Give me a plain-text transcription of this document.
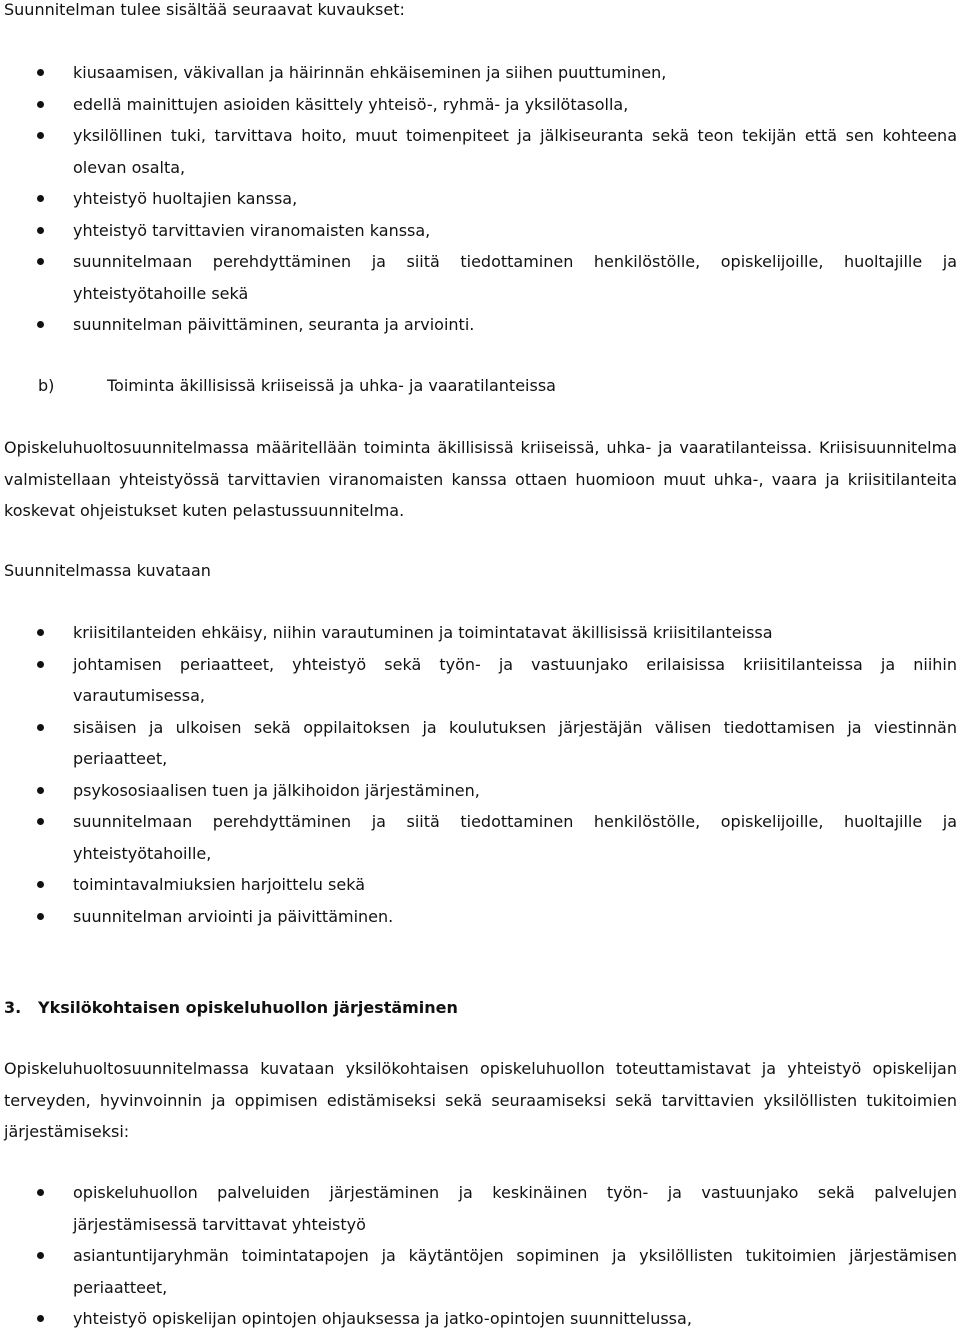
Suunnitelman tulee sisältää seuraavat kuvaukset:

kiusaamisen, väkivallan ja häirinnän ehkäiseminen ja siihen puuttuminen,
edellä mainittujen asioiden käsittely yhteisö-, ryhmä- ja yksilötasolla,
yksilöllinen tuki, tarvittava hoito, muut toimenpiteet ja jälkiseuranta sekä teon tekijän että sen kohteena olevan osalta,
yhteistyö huoltajien kanssa,
yhteistyö tarvittavien viranomaisten kanssa,
suunnitelmaan perehdyttäminen ja siitä tiedottaminen henkilöstölle, opiskelijoille, huoltajille ja yhteistyötahoille sekä
suunnitelman päivittäminen, seuranta ja arviointi.

b)	Toiminta äkillisissä kriiseissä ja uhka- ja vaaratilanteissa

Opiskeluhuoltosuunnitelmassa määritellään toiminta äkillisissä kriiseissä, uhka- ja vaaratilanteissa. Kriisisuunnitelma valmistellaan yhteistyössä tarvittavien viranomaisten kanssa ottaen huomioon muut uhka-, vaara ja kriisitilanteita koskevat ohjeistukset kuten pelastussuunnitelma.

Suunnitelmassa kuvataan

kriisitilanteiden ehkäisy, niihin varautuminen ja toimintatavat äkillisissä kriisitilanteissa
johtamisen periaatteet, yhteistyö sekä työn- ja vastuunjako erilaisissa kriisitilanteissa ja niihin varautumisessa,
sisäisen ja ulkoisen sekä oppilaitoksen ja koulutuksen järjestäjän välisen tiedottamisen ja viestinnän periaatteet,
psykososiaalisen tuen ja jälkihoidon järjestäminen,
suunnitelmaan perehdyttäminen ja siitä tiedottaminen henkilöstölle, opiskelijoille, huoltajille ja yhteistyötahoille,
toimintavalmiuksien harjoittelu sekä
suunnitelman arviointi ja päivittäminen.

3. Yksilökohtaisen opiskeluhuollon järjestäminen

Opiskeluhuoltosuunnitelmassa kuvataan yksilökohtaisen opiskeluhuollon toteuttamistavat ja yhteistyö opiskelijan terveyden, hyvinvoinnin ja oppimisen edistämiseksi sekä seuraamiseksi sekä tarvittavien yksilöllisten tukitoimien järjestämiseksi:

opiskeluhuollon palveluiden järjestäminen ja keskinäinen työn- ja vastuunjako sekä palvelujen järjestämisessä tarvittavat yhteistyö
asiantuntijaryhmän toimintatapojen ja käytäntöjen sopiminen ja yksilöllisten tukitoimien järjestämisen periaatteet,
yhteistyö opiskelijan opintojen ohjauksessa ja jatko-opintojen suunnittelussa,
